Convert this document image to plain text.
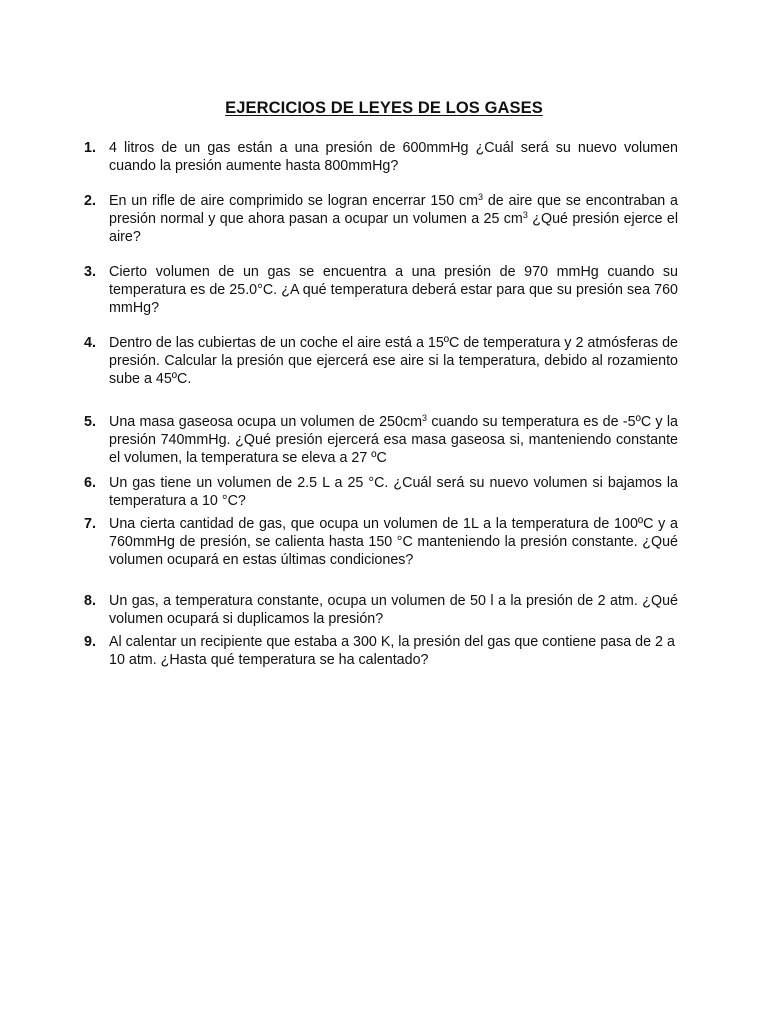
EJERCICIOS DE LEYES DE LOS GASES
1. 4 litros de un gas están a una presión de 600mmHg ¿Cuál será su nuevo volumen cuando la presión aumente hasta 800mmHg?
2. En un rifle de aire comprimido se logran encerrar 150 $cm^3$ de aire que se encontraban a presión normal y que ahora pasan a ocupar un volumen a 25 $cm^3$ ¿Qué presión ejerce el aire?
3. Cierto volumen de un gas se encuentra a una presión de 970 mmHg cuando su temperatura es de 25.0°C. ¿A qué temperatura deberá estar para que su presión sea 760 mmHg?
4. Dentro de las cubiertas de un coche el aire está a 15ºC de temperatura y 2 atmósferas de presión. Calcular la presión que ejercerá ese aire si la temperatura, debido al rozamiento sube a 45ºC.
5. Una masa gaseosa ocupa un volumen de $250cm^3$ cuando su temperatura es de -5ºC y la presión 740mmHg. ¿Qué presión ejercerá esa masa gaseosa si, manteniendo constante el volumen, la temperatura se eleva a 27 ºC
6. Un gas tiene un volumen de 2.5 L a 25 °C. ¿Cuál será su nuevo volumen si bajamos la temperatura a 10 °C?
7. Una cierta cantidad de gas, que ocupa un volumen de 1L a la temperatura de 100ºC y a 760mmHg de presión, se calienta hasta 150 °C manteniendo la presión constante. ¿Qué volumen ocupará en estas últimas condiciones?
8. Un gas, a temperatura constante, ocupa un volumen de 50 l a la presión de 2 atm. ¿Qué volumen ocupará si duplicamos la presión?
9. Al calentar un recipiente que estaba a 300 K, la presión del gas que contiene pasa de 2 a 10 atm. ¿Hasta qué temperatura se ha calentado?
